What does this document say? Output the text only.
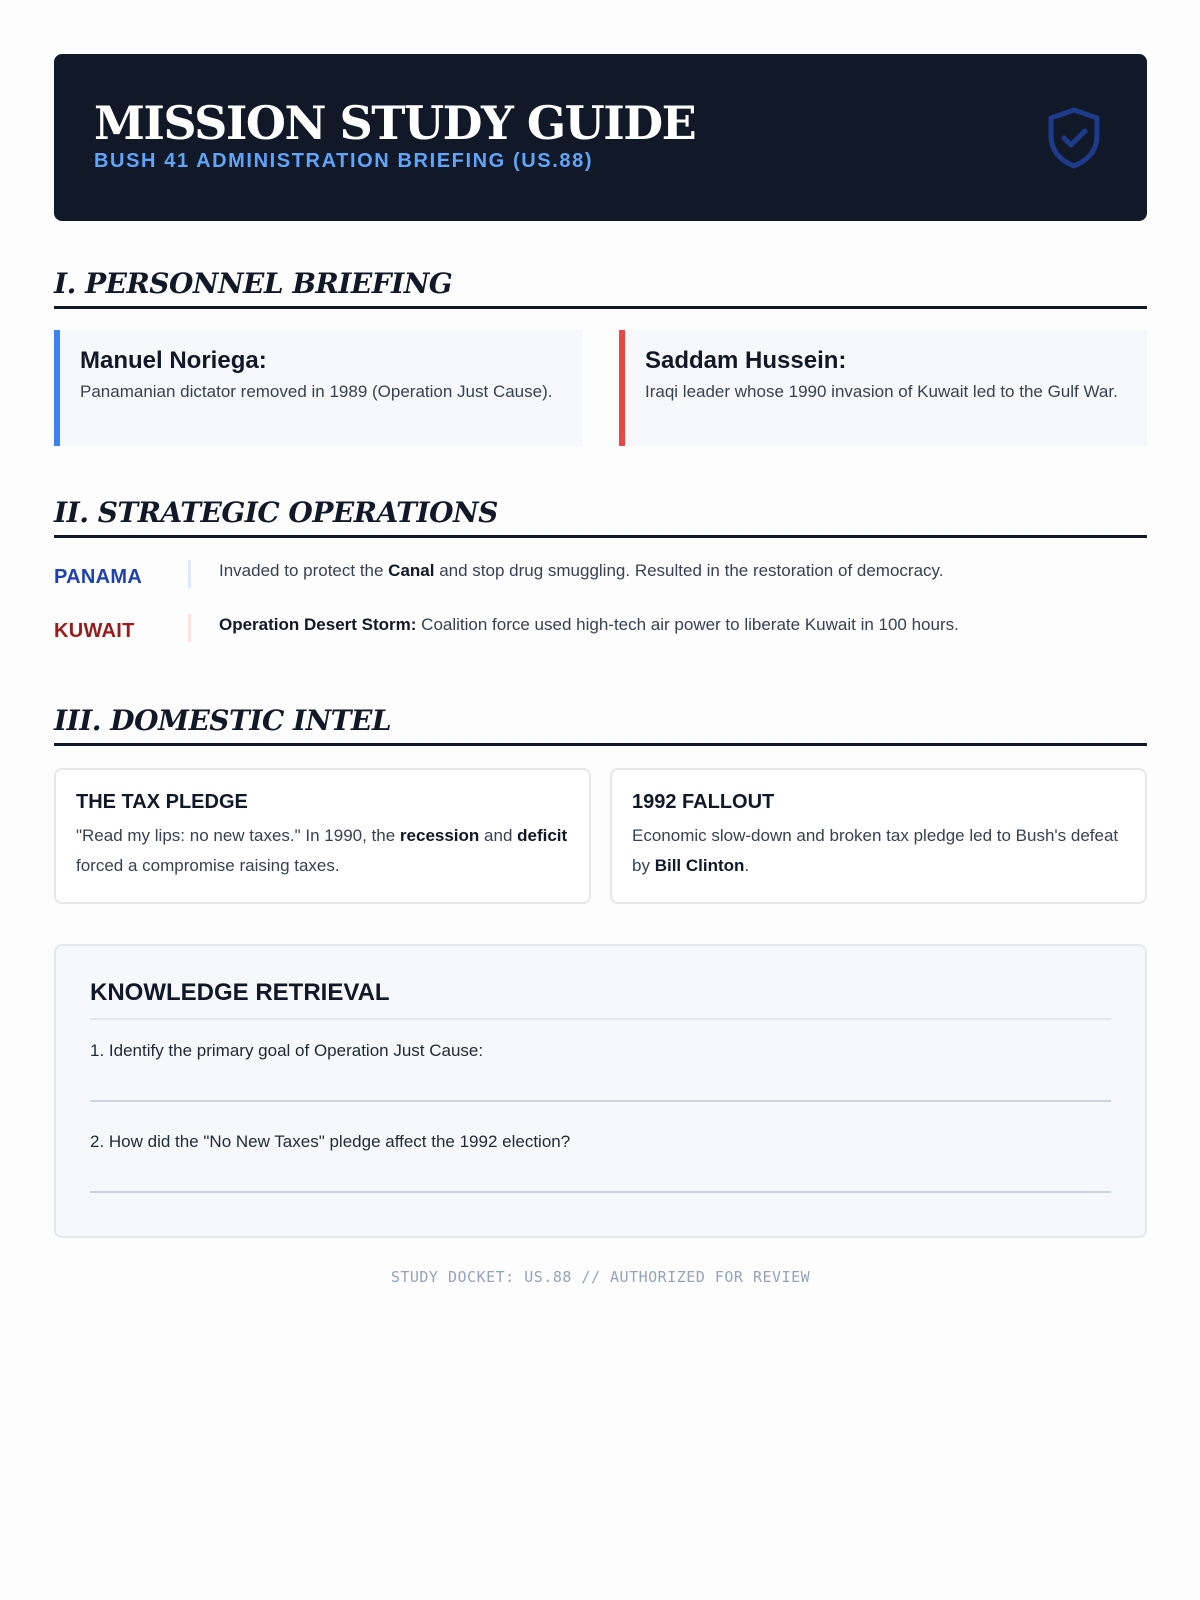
MISSION STUDY GUIDE
BUSH 41 ADMINISTRATION BRIEFING (US.88)
I. PERSONNEL BRIEFING
Manuel Noriega:
Panamanian dictator removed in 1989 (Operation Just Cause).
Saddam Hussein:
Iraqi leader whose 1990 invasion of Kuwait led to the Gulf War.
II. STRATEGIC OPERATIONS
PANAMA	Invaded to protect the Canal and stop drug smuggling. Resulted in the restoration of democracy.
KUWAIT	Operation Desert Storm: Coalition force used high-tech air power to liberate Kuwait in 100 hours.
III. DOMESTIC INTEL
THE TAX PLEDGE
"Read my lips: no new taxes." In 1990, the recession and deficit forced a compromise raising taxes.
1992 FALLOUT
Economic slow-down and broken tax pledge led to Bush's defeat by Bill Clinton.
KNOWLEDGE RETRIEVAL
1. Identify the primary goal of Operation Just Cause:
2. How did the "No New Taxes" pledge affect the 1992 election?
STUDY DOCKET: US.88 // AUTHORIZED FOR REVIEW
